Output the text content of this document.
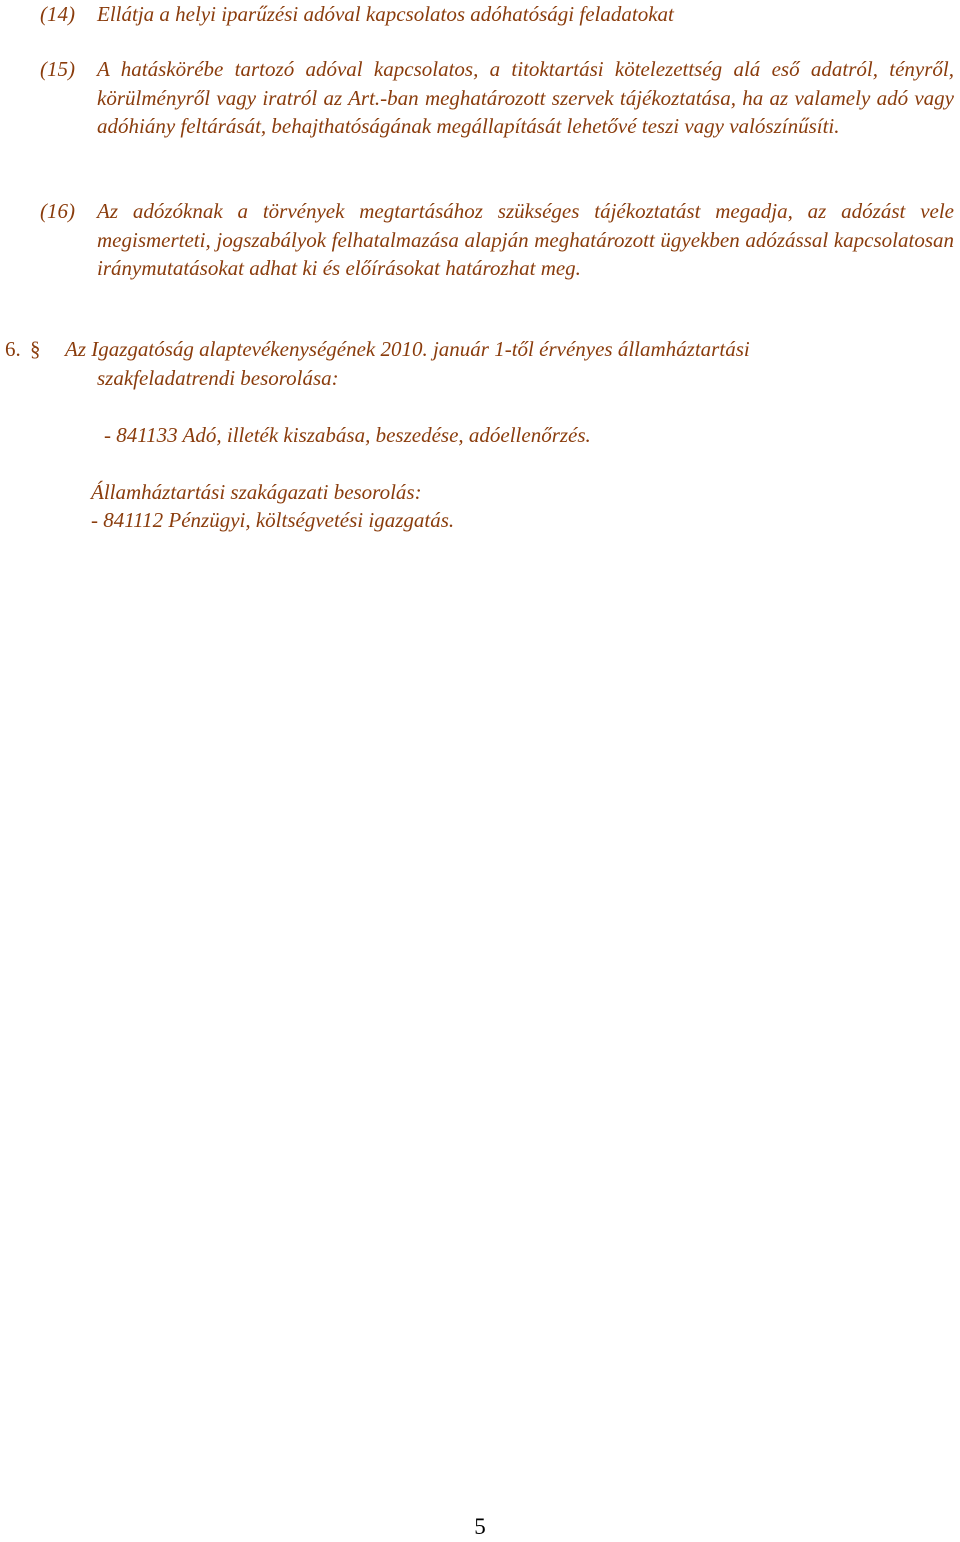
(14) Ellátja a helyi iparűzési adóval kapcsolatos adóhatósági feladatokat
(15) A hatáskörébe tartozó adóval kapcsolatos, a titoktartási kötelezettség alá eső adatról, tényről, körülményről vagy iratról az Art.-ban meghatározott szervek tájékoztatása, ha az valamely adó vagy adóhiány feltárását, behajthatóságának megállapítását lehetővé teszi vagy valószínűsíti.
(16) Az adózóknak a törvények megtartásához szükséges tájékoztatást megadja, az adózást vele megismerteti, jogszabályok felhatalmazása alapján meghatározott ügyekben adózással kapcsolatosan iránymutatásokat adhat ki és előírásokat határozhat meg.
6. § Az Igazgatóság alaptevékenységének 2010. január 1-től érvényes államháztartási
szakfeladatrendi besorolása:
- 841133 Adó, illeték kiszabása, beszedése, adóellenőrzés.
Államháztartási szakágazati besorolás:
- 841112 Pénzügyi, költségvetési igazgatás.
5
